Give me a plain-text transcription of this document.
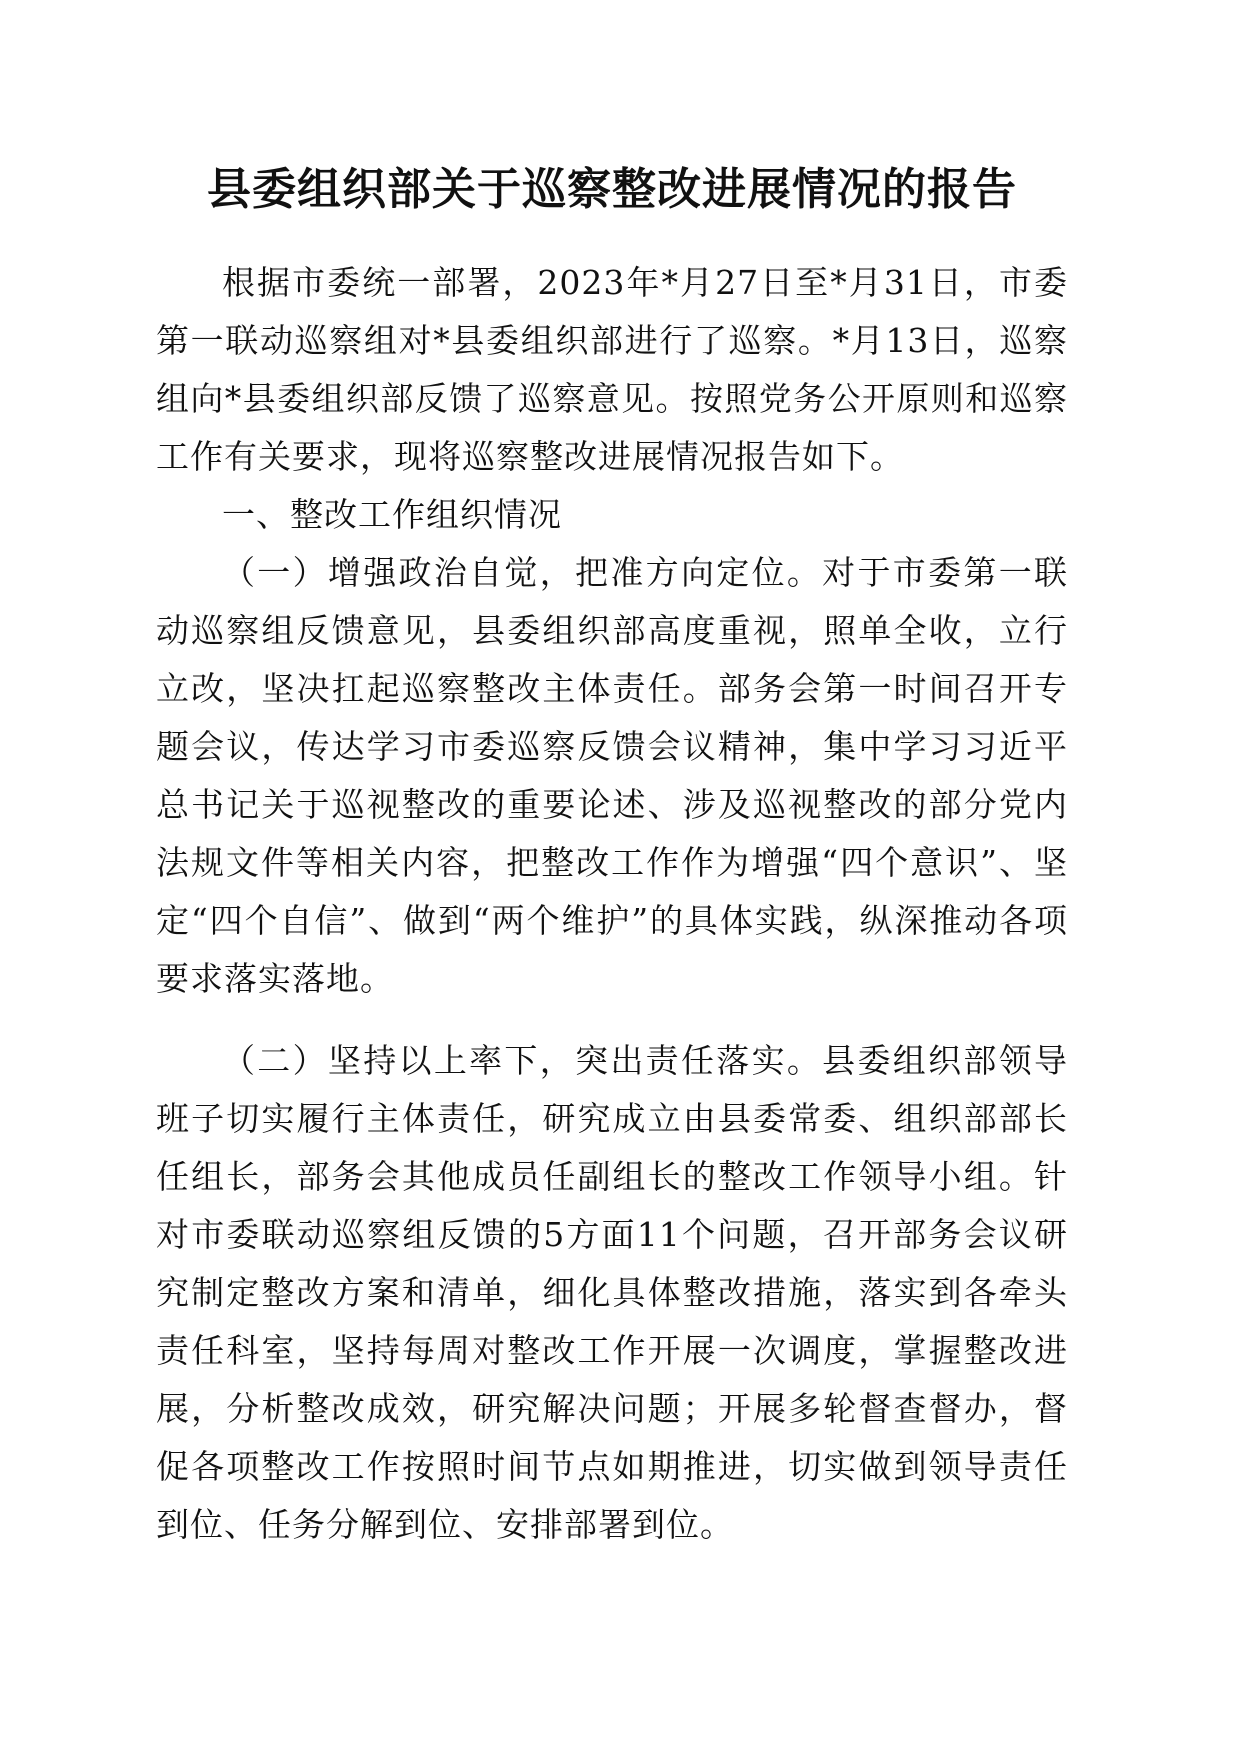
县委组织部关于巡察整改进展情况的报告

根据市委统一部署，2023年*月27日至*月31日，市委第一联动巡察组对*县委组织部进行了巡察。*月13日，巡察组向*县委组织部反馈了巡察意见。按照党务公开原则和巡察工作有关要求，现将巡察整改进展情况报告如下。

一、整改工作组织情况

（一）增强政治自觉，把准方向定位。对于市委第一联动巡察组反馈意见，县委组织部高度重视，照单全收，立行立改，坚决扛起巡察整改主体责任。部务会第一时间召开专题会议，传达学习市委巡察反馈会议精神，集中学习习近平总书记关于巡视整改的重要论述、涉及巡视整改的部分党内法规文件等相关内容，把整改工作作为增强“四个意识”、坚定“四个自信”、做到“两个维护”的具体实践，纵深推动各项要求落实落地。

（二）坚持以上率下，突出责任落实。县委组织部领导班子切实履行主体责任，研究成立由县委常委、组织部部长任组长，部务会其他成员任副组长的整改工作领导小组。针对市委联动巡察组反馈的5方面11个问题，召开部务会议研究制定整改方案和清单，细化具体整改措施，落实到各牵头责任科室，坚持每周对整改工作开展一次调度，掌握整改进展，分析整改成效，研究解决问题；开展多轮督查督办，督促各项整改工作按照时间节点如期推进，切实做到领导责任到位、任务分解到位、安排部署到位。
